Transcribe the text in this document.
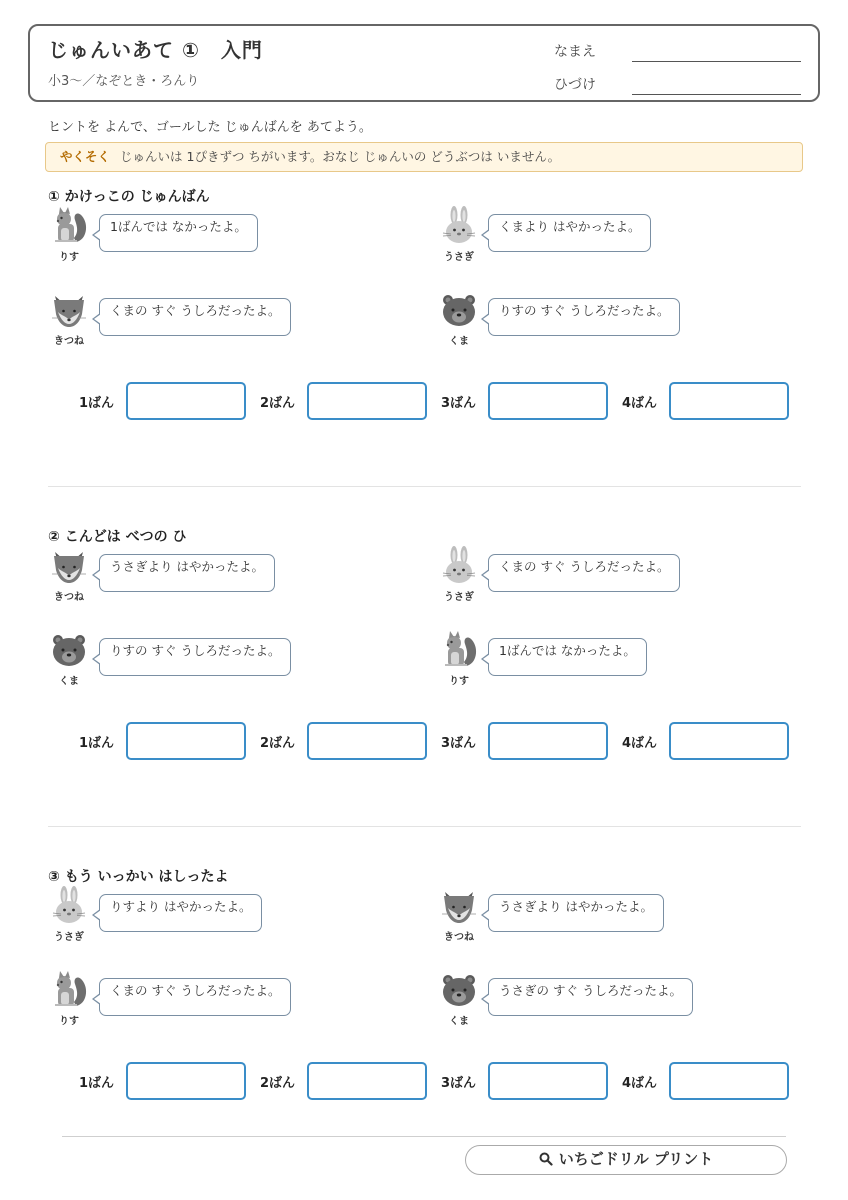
じゅんいあて ①　入門
小3〜／なぞとき・ろんり
なまえ
ひづけ
ヒントを よんで、ゴールした じゅんばんを あてよう。
やくそく じゅんいは 1ぴきずつ ちがいます。おなじ じゅんいの どうぶつは いません。
① かけっこの じゅんばん
りす
1ばんでは なかったよ。
うさぎ
くまより はやかったよ。
きつね
くまの すぐ うしろだったよ。
くま
りすの すぐ うしろだったよ。
1ばん	2ばん	3ばん	4ばん
② こんどは べつの ひ
きつね
うさぎより はやかったよ。
うさぎ
くまの すぐ うしろだったよ。
くま
りすの すぐ うしろだったよ。
りす
1ばんでは なかったよ。
1ばん	2ばん	3ばん	4ばん
③ もう いっかい はしったよ
うさぎ
りすより はやかったよ。
きつね
うさぎより はやかったよ。
りす
くまの すぐ うしろだったよ。
くま
うさぎの すぐ うしろだったよ。
1ばん	2ばん	3ばん	4ばん
いちごドリル プリント
